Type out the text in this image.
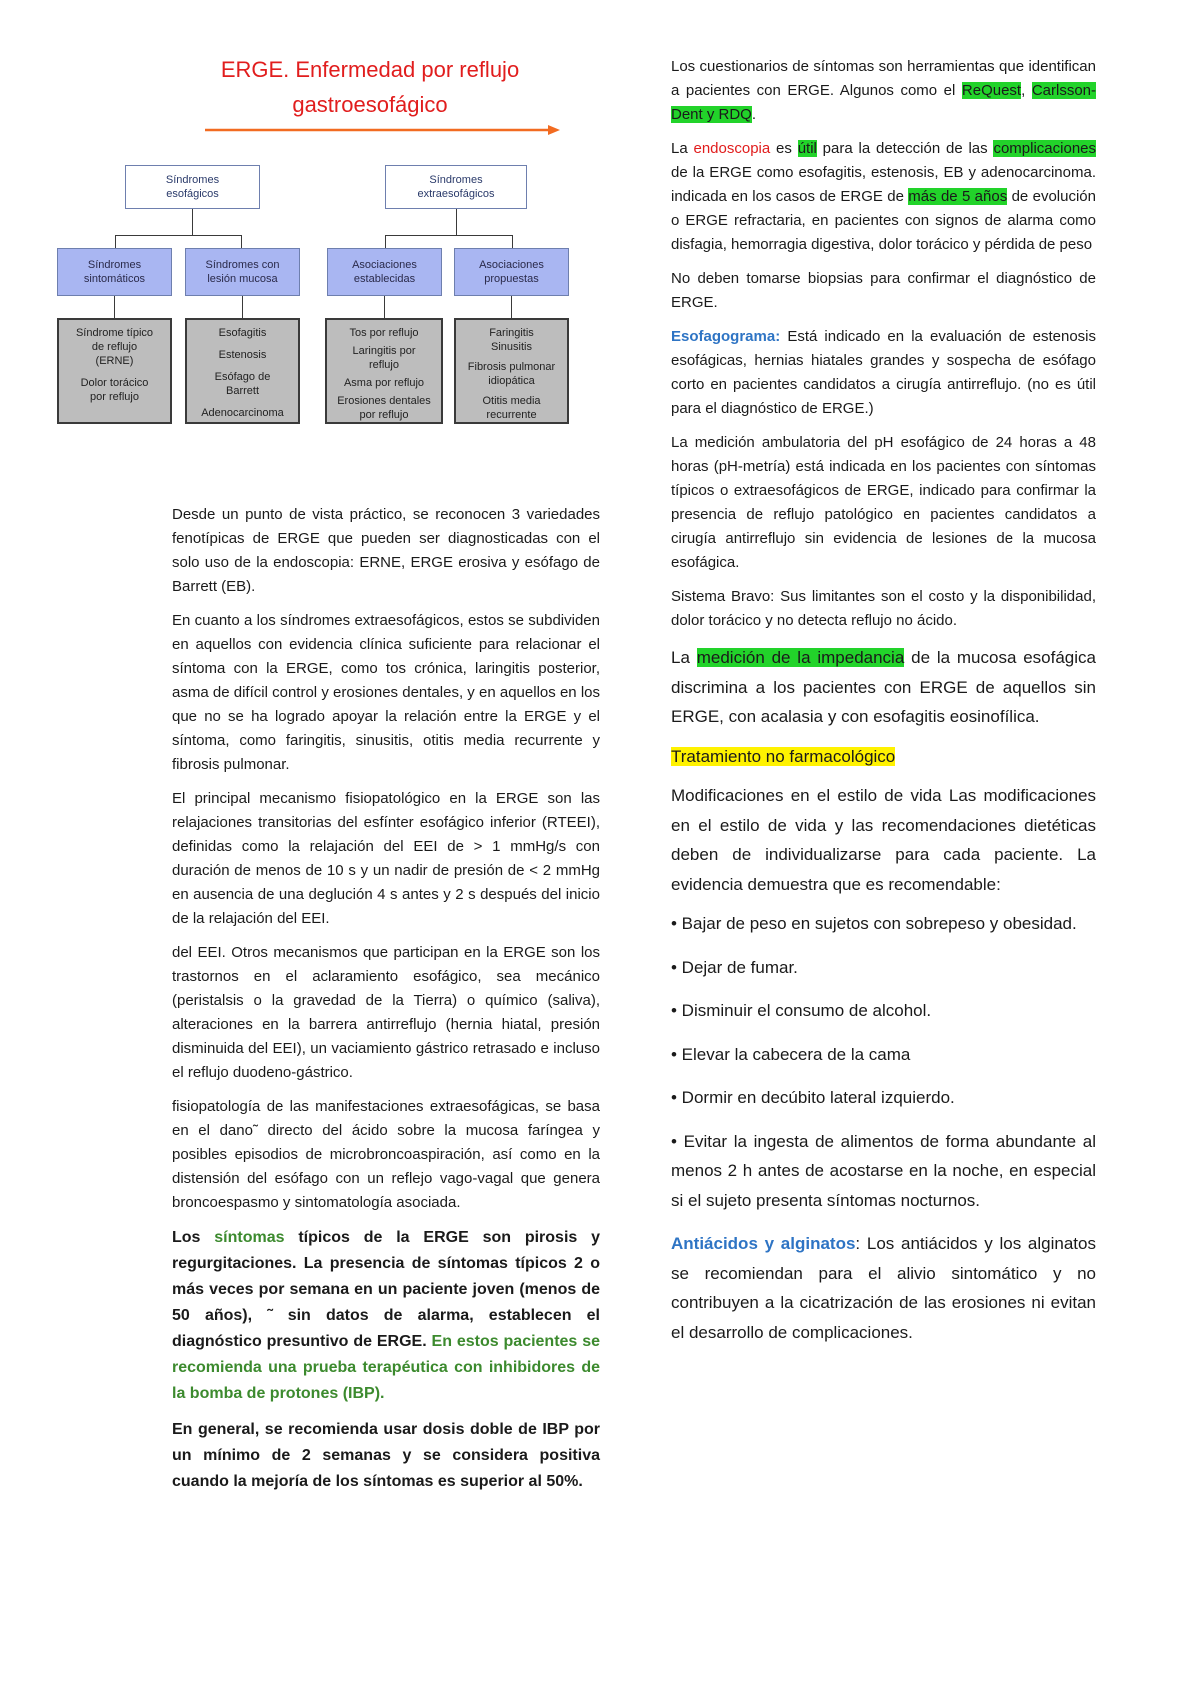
ERGE. Enfermedad por reflujo
gastroesofágico
Síndromes
esofágicos
Síndromes
extraesofágicos
Síndromes
sintomáticos
Síndromes con
lesión mucosa
Asociaciones
establecidas
Asociaciones
propuestas
Síndrome típico
de reflujo
(ERNE)
Dolor torácico
por reflujo
Esofagitis
Estenosis
Esófago de
Barrett
Adenocarcinoma
Tos por reflujo
Laringitis por
reflujo
Asma por reflujo
Erosiones dentales
por reflujo
Faringitis
Sinusitis
Fibrosis pulmonar
idiopática
Otitis media
recurrente

Desde un punto de vista práctico, se reconocen 3 variedades fenotípicas de ERGE que pueden ser diagnosticadas con el solo uso de la endoscopia: ERNE, ERGE erosiva y esófago de Barrett (EB).

En cuanto a los síndromes extraesofágicos, estos se subdividen en aquellos con evidencia clínica suficiente para relacionar el síntoma con la ERGE, como tos crónica, laringitis posterior, asma de difícil control y erosiones dentales, y en aquellos en los que no se ha logrado apoyar la relación entre la ERGE y el síntoma, como faringitis, sinusitis, otitis media recurrente y fibrosis pulmonar.

El principal mecanismo fisiopatológico en la ERGE son las relajaciones transitorias del esfínter esofágico inferior (RTEEI), definidas como la relajación del EEI de > 1 mmHg/s con duración de menos de 10 s y un nadir de presión de < 2 mmHg en ausencia de una deglución 4 s antes y 2 s después del inicio de la relajación del EEI.

del EEI. Otros mecanismos que participan en la ERGE son los trastornos en el aclaramiento esofágico, sea mecánico (peristalsis o la gravedad de la Tierra) o químico (saliva), alteraciones en la barrera antirreflujo (hernia hiatal, presión disminuida del EEI), un vaciamiento gástrico retrasado e incluso el reflujo duodeno-gástrico.

fisiopatología de las manifestaciones extraesofágicas, se basa en el dano˜ directo del ácido sobre la mucosa faríngea y posibles episodios de microbroncoaspiración, así como en la distensión del esófago con un reflejo vago-vagal que genera broncoespasmo y sintomatología asociada.

Los síntomas típicos de la ERGE son pirosis y regurgitaciones. La presencia de síntomas típicos 2 o más veces por semana en un paciente joven (menos de 50 años), ˜ sin datos de alarma, establecen el diagnóstico presuntivo de ERGE. En estos pacientes se recomienda una prueba terapéutica con inhibidores de la bomba de protones (IBP).

En general, se recomienda usar dosis doble de IBP por un mínimo de 2 semanas y se considera positiva cuando la mejoría de los síntomas es superior al 50%.

Los cuestionarios de síntomas son herramientas que identifican a pacientes con ERGE. Algunos como el ReQuest, Carlsson-Dent y RDQ.

La endoscopia es útil para la detección de las complicaciones de la ERGE como esofagitis, estenosis, EB y adenocarcinoma. indicada en los casos de ERGE de más de 5 años de evolución o ERGE refractaria, en pacientes con signos de alarma como disfagia, hemorragia digestiva, dolor torácico y pérdida de peso

No deben tomarse biopsias para confirmar el diagnóstico de ERGE.

Esofagograma: Está indicado en la evaluación de estenosis esofágicas, hernias hiatales grandes y sospecha de esófago corto en pacientes candidatos a cirugía antirreflujo. (no es útil para el diagnóstico de ERGE.)

La medición ambulatoria del pH esofágico de 24 horas a 48 horas (pH-metría) está indicada en los pacientes con síntomas típicos o extraesofágicos de ERGE, indicado para confirmar la presencia de reflujo patológico en pacientes candidatos a cirugía antirreflujo sin evidencia de lesiones de la mucosa esofágica.

Sistema Bravo: Sus limitantes son el costo y la disponibilidad, dolor torácico y no detecta reflujo no ácido.

La medición de la impedancia de la mucosa esofágica discrimina a los pacientes con ERGE de aquellos sin ERGE, con acalasia y con esofagitis eosinofílica.

Tratamiento no farmacológico

Modificaciones en el estilo de vida Las modificaciones en el estilo de vida y las recomendaciones dietéticas deben de individualizarse para cada paciente. La evidencia demuestra que es recomendable:

• Bajar de peso en sujetos con sobrepeso y obesidad.

• Dejar de fumar.

• Disminuir el consumo de alcohol.

• Elevar la cabecera de la cama

• Dormir en decúbito lateral izquierdo.

• Evitar la ingesta de alimentos de forma abundante al menos 2 h antes de acostarse en la noche, en especial si el sujeto presenta síntomas nocturnos.

Antiácidos y alginatos: Los antiácidos y los alginatos se recomiendan para el alivio sintomático y no contribuyen a la cicatrización de las erosiones ni evitan el desarrollo de complicaciones.
